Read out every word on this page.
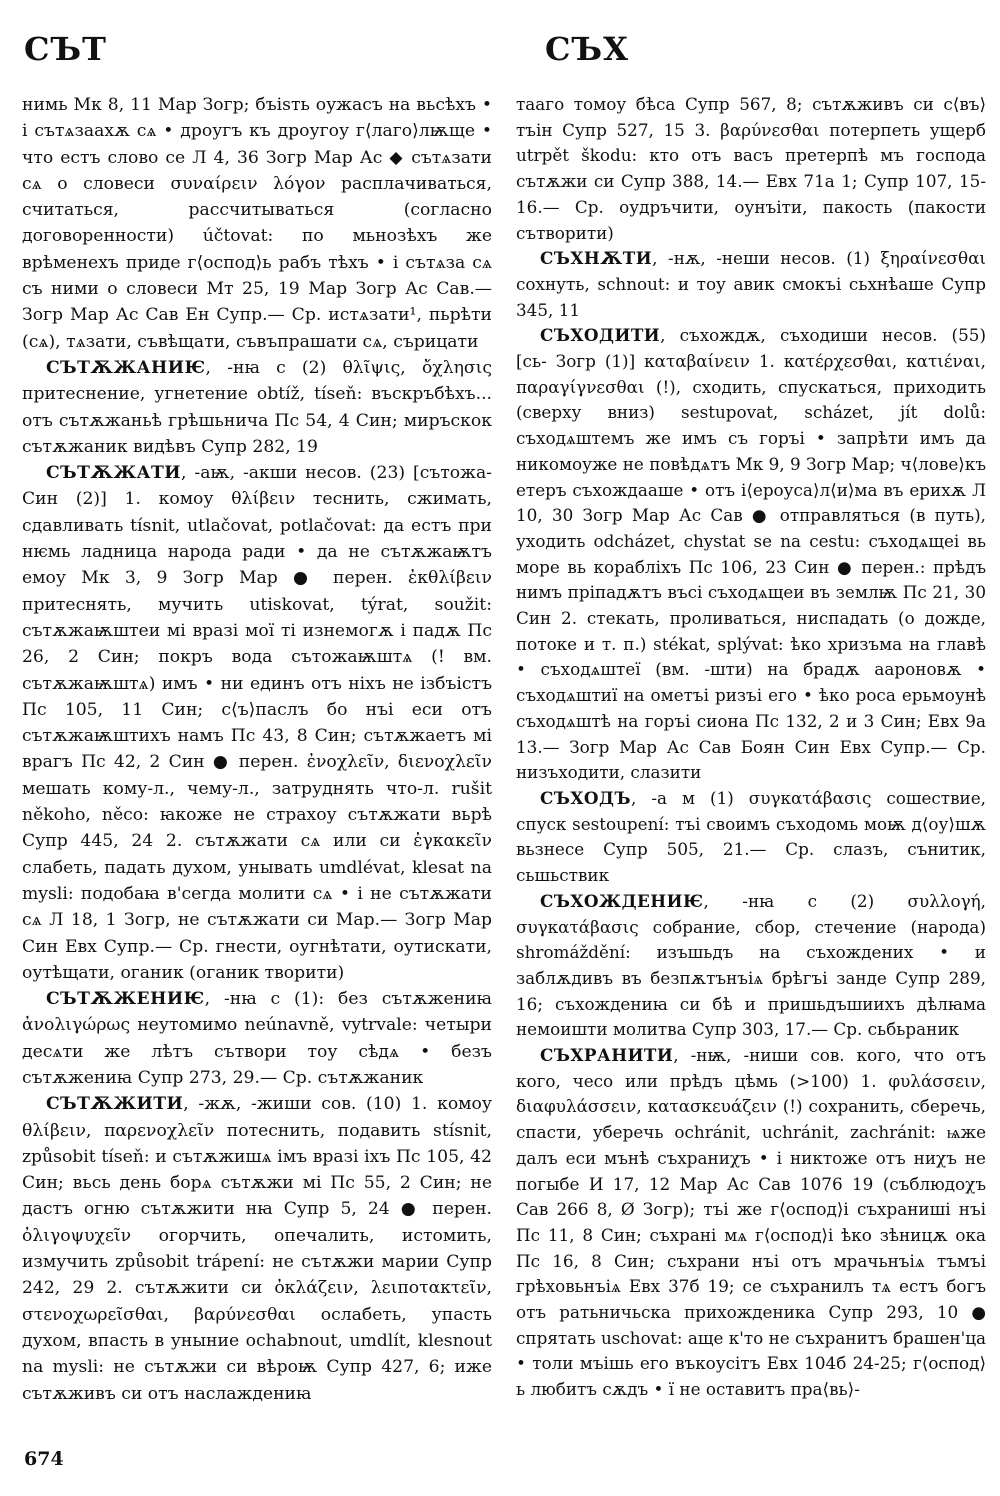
СЪТ	СЪХ

нимь Мк 8, 11 Мар Зогр; бъіѕть оужасъ на вьсѣхъ • і сътѧзаахѫ сѧ • дроугъ къ дроугоу г⟨лаго⟩лѭще • что естъ слово се Л 4, 36 Зогр Мар Ас ◆ сътѧзати сѧ о словеси συναίρειν λόγον расплачиваться, считаться, рассчитываться (согласно договоренности) účtovat: по мьнозѣхъ же врѣменехъ приде г⟨оспод⟩ь рабъ тѣхъ • і сътѧза сѧ съ ними о словеси Мт 25, 19 Мар Зогр Ас Сав.— Зогр Мар Ас Сав Ен Супр.— Ср. истѧзати¹, пьрѣти (сѧ), тѧзати, съвѣщати, съвъпрашати сѧ, сърицати

СЪТѪЖАНИѤ, -нꙗ с (2) θλῖψις, ὄχλησις притеснение, угнетение obtíž, tíseň: въскръбѣхъ... отъ сътѫжаньѣ грѣшьнича Пс 54, 4 Син; миръскок сътѫжаник видѣвъ Супр 282, 19

СЪТѪЖАТИ, -аѭ, -акши несов. (23) [сътожа- Син (2)] 1. комоу θλίβειν теснить, сжимать, сдавливать tísnit, utlačovat, potlačovat: да естъ при нѥмь ладница народа ради • да не сътѫжаѭтъ емоу Мк 3, 9 Зогр Мар ● перен. ἐκθλίβειν притеснять, мучить utiskovat, týrat, soužit: сътѫжаѭштеи мі вразі мої ті изнемогѫ і падѫ Пс 26, 2 Син; покръ вода сътожаѭштѧ (! вм. сътѫжаѭштѧ) имъ • ни единъ отъ ніхъ не ізбъістъ Пс 105, 11 Син; с⟨ъ⟩паслъ бо нъі еси отъ сътѫжаѭштихъ намъ Пс 43, 8 Син; сътѫжаетъ мі врагъ Пс 42, 2 Син ● перен. ἐνοχλεῖν, διενοχλεῖν мешать кому-л., чему-л., затруднять что-л. rušit někoho, něco: ꙗкоже не страхоу сътѫжати вьрѣ Супр 445, 24 2. сътѫжати сѧ или си ἐγκακεῖν слабеть, падать духом, унывать umdlévat, klesat na mysli: подобаꙗ в'сегда молити сѧ • і не сътѫжати сѧ Л 18, 1 Зогр, не сътѫжати си Мар.— Зогр Мар Син Евх Супр.— Ср. гнести, оугнѣтати, оутискати, оутѣщати, оганик (оганик творити)

СЪТѪЖЕНИѤ, -нꙗ с (1): без сътѫжениꙗ ἀνολιγώρως неутомимо neúnavně, vytrvale: четыри десѧти же лѣтъ сътвори тоу сѣдѧ • безъ сътѫжениꙗ Супр 273, 29.— Ср. сътѫжаник

СЪТѪЖИТИ, -жѫ, -жиши сов. (10) 1. комоу θλίβειν, παρενοχλεῖν потеснить, подавить stísnit, způsobit tíseň: и сътѫжишѧ імъ вразі іхъ Пс 105, 42 Син; вьсь день борѧ сътѫжи мі Пс 55, 2 Син; не дастъ огню сътѫжити нꙗ Супр 5, 24 ● перен. ὀλιγοψυχεῖν огорчить, опечалить, истомить, измучить způsobit trápení: не сътѫжи марии Супр 242, 29 2. сътѫжити си ὀκλάζειν, λειποτακτεῖν, στενοχωρεῖσθαι, βαρύνεσθαι ослабеть, упасть духом, впасть в уныние ochabnout, umdlít, klesnout na mysli: не сътѫжи си вѣроѭ Супр 427, 6; иже сътѫживъ си отъ наслаждениꙗ

тааго томоу бѣса Супр 567, 8; сътѫживъ си с⟨въ⟩тъін Супр 527, 15 3. βαρύνεσθαι потерпеть ущерб utrpět škodu: кто отъ васъ претерпѣ мъ господа сътѫжи си Супр 388, 14.— Евх 71а 1; Супр 107, 15-16.— Ср. оудръчити, оунъіти, пакость (пакости сътворити)

СЪХНѪТИ, -нѫ, -неши несов. (1) ξηραίνεσθαι сохнуть, schnout: и тоу авик смокъі сьхнѣаше Супр 345, 11

СЪХОДИТИ, съхождѫ, съходиши несов. (55) [сь- Зогр (1)] καταβαίνειν 1. κατέρχεσθαι, κατιέναι, παραγίγνεσθαι (!), сходить, спускаться, приходить (сверху вниз) sestupovat, scházet, jít dolů: съходѧштемъ же имъ съ горъі • запрѣти имъ да никомоуже не повѣдѧтъ Мк 9, 9 Зогр Мар; ч⟨лове⟩къ етеръ съхождааше • отъ і⟨ероуса⟩л⟨и⟩ма въ ерихѫ Л 10, 30 Зогр Мар Ас Сав ● отправляться (в путь), уходить odcházet, chystat se na cestu: съходѧщеі вь море вь корабліхъ Пс 106, 23 Син ● перен.: прѣдъ нимъ пріпадѫтъ въсі съходѧщеи въ землѭ Пс 21, 30 Син 2. стекать, проливаться, ниспадать (о дожде, потоке и т. п.) stékat, splývat: ѣко хризъма на главѣ • съходѧштеї (вм. -шти) на брадѫ аароновѫ • съходѧштиї на ометъі ризъі его • ѣко роса ерьмоунѣ съходѧштѣ на горъі сиона Пс 132, 2 и 3 Син; Евх 9а 13.— Зогр Мар Ас Сав Боян Син Евх Супр.— Ср. низъходити, слазити

СЪХОДЪ, -а м (1) συγκατάβασις сошествие, спуск sestoupení: тъі своимъ съходомь моѭ д⟨оу⟩шѫ вьзнесе Супр 505, 21.— Ср. слазъ, сънитик, сьшьствик

СЪХОЖДЕНИѤ, -нꙗ с (2) συλλογή, συγκατάβασις собрание, сбор, стечение (народа) shromáždění: изъшьдъ на съхождених • и заблѫдивъ въ безпѫтънъіѧ брѣгъі занде Супр 289, 16; съхождениꙗ си бѣ и пришьдъшиихъ дѣлꙗма немоишти молитва Супр 303, 17.— Ср. сьбьраник

СЪХРАНИТИ, -нѭ, -ниши сов. кого, что отъ кого, чесо или прѣдъ цѣмь (>100) 1. φυλάσσειν, διαφυλάσσειν, κατασκευάζειν (!) сохранить, сберечь, спасти, уберечь ochránit, uchránit, zachránit: ѩже далъ еси мънѣ съхраниχъ • і никтоже отъ ниχъ не погыбе И 17, 12 Мар Ас Сав 1076 19 (съблюдоχъ Сав 266 8, Ø Зогр); тъі же г⟨оспод⟩і съхраниші нъі Пс 11, 8 Син; съхрані мѧ г⟨оспод⟩і ѣко зѣницѫ ока Пс 16, 8 Син; съхрани нъі отъ мрачьнъіѧ тъмъі грѣховьнъіѧ Евх 37б 19; се съхранилъ тѧ естъ богъ отъ ратьничьска прихожденика Супр 293, 10 ● спрятать uschovat: аще к'то не съхранитъ брашен'ца • толи мъішь его въкоусітъ Евх 104б 24-25; г⟨оспод⟩ь любитъ сѫдъ • ї не оставитъ пра⟨вь⟩-

674
